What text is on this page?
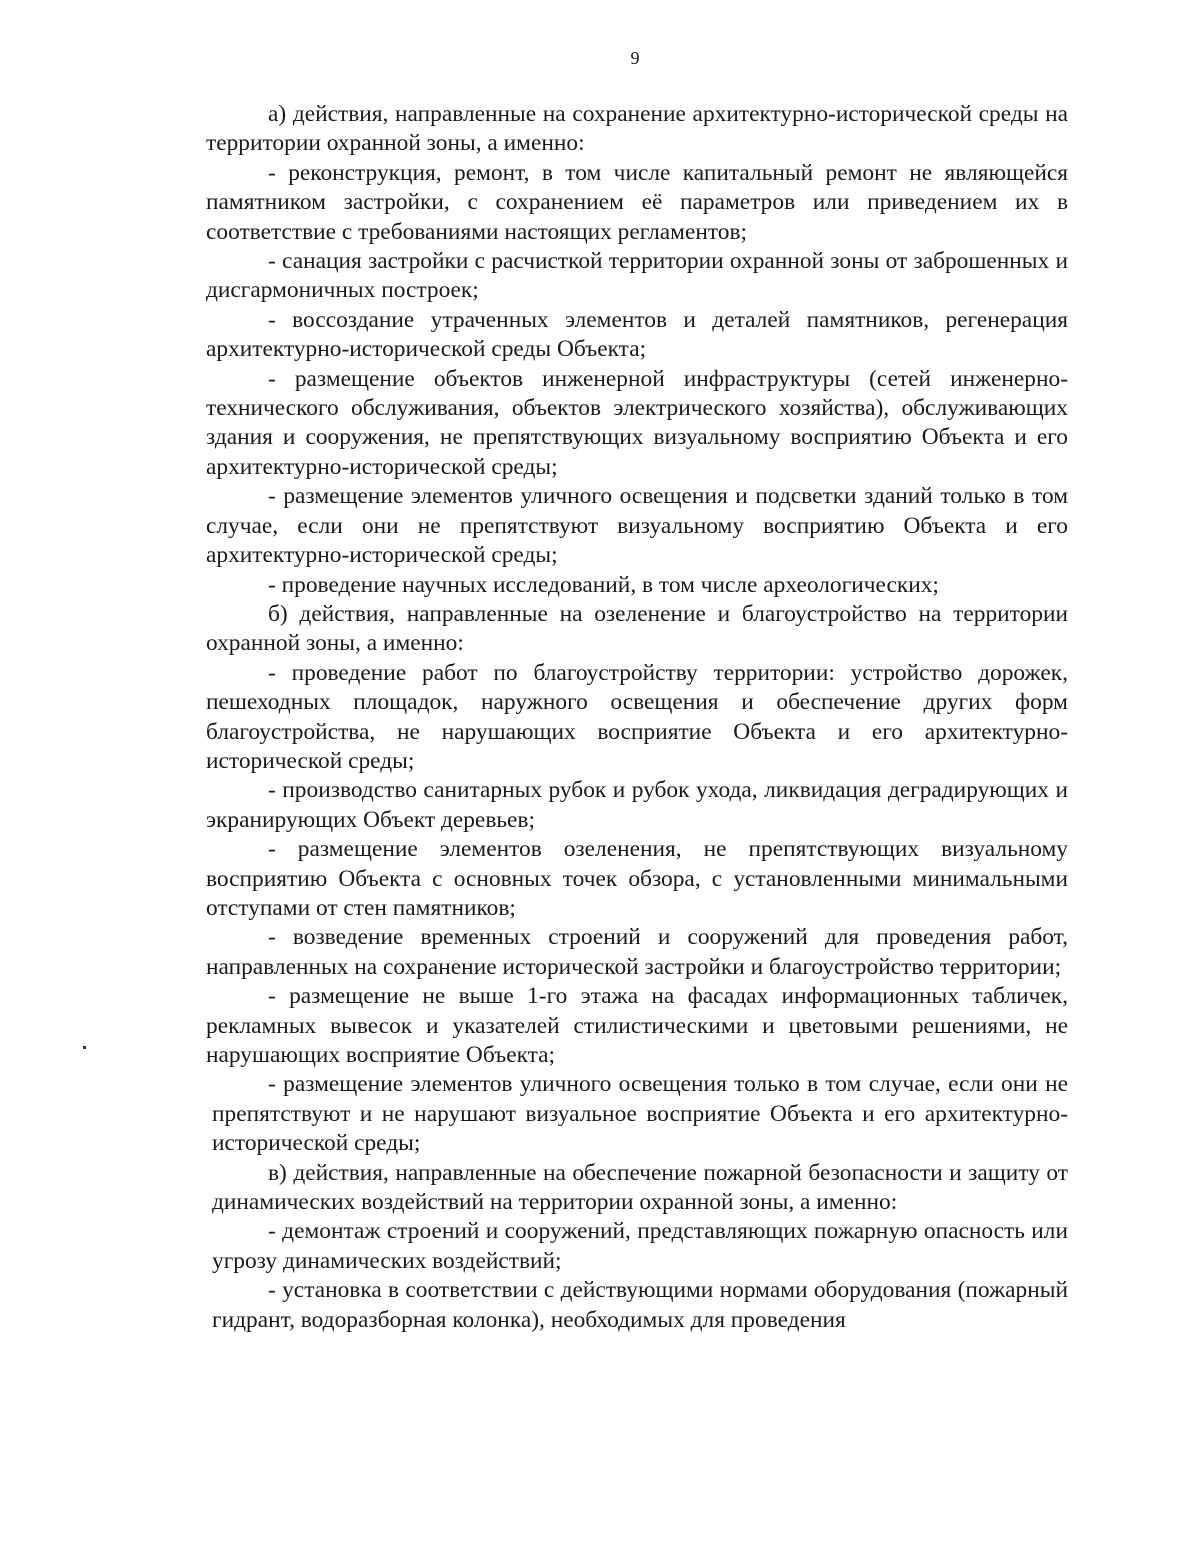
9

а) действия, направленные на сохранение архитектурно-исторической среды на территории охранной зоны, а именно:

- реконструкция, ремонт, в том числе капитальный ремонт не являющейся памятником застройки, с сохранением её параметров или приведением их в соответствие с требованиями настоящих регламентов;

- санация застройки с расчисткой территории охранной зоны от заброшенных и дисгармоничных построек;

- воссоздание утраченных элементов и деталей памятников, регенерация архитектурно-исторической среды Объекта;

- размещение объектов инженерной инфраструктуры (сетей инженерно-технического обслуживания, объектов электрического хозяйства), обслуживающих здания и сооружения, не препятствующих визуальному восприятию Объекта и его архитектурно-исторической среды;

- размещение элементов уличного освещения и подсветки зданий только в том случае, если они не препятствуют визуальному восприятию Объекта и его архитектурно-исторической среды;

- проведение научных исследований, в том числе археологических;

б) действия, направленные на озеленение и благоустройство на территории охранной зоны, а именно:

- проведение работ по благоустройству территории: устройство дорожек, пешеходных площадок, наружного освещения и обеспечение других форм благоустройства, не нарушающих восприятие Объекта и его архитектурно-исторической среды;

- производство санитарных рубок и рубок ухода, ликвидация деградирующих и экранирующих Объект деревьев;

- размещение элементов озеленения, не препятствующих визуальному восприятию Объекта с основных точек обзора, с установленными минимальными отступами от стен памятников;

- возведение временных строений и сооружений для проведения работ, направленных на сохранение исторической застройки и благоустройство территории;

- размещение не выше 1-го этажа на фасадах информационных табличек, рекламных вывесок и указателей стилистическими и цветовыми решениями, не нарушающих восприятие Объекта;

- размещение элементов уличного освещения только в том случае, если они не препятствуют и не нарушают визуальное восприятие Объекта и его архитектурно-исторической среды;

в) действия, направленные на обеспечение пожарной безопасности и защиту от динамических воздействий на территории охранной зоны, а именно:

- демонтаж строений и сооружений, представляющих пожарную опасность или угрозу динамических воздействий;

- установка в соответствии с действующими нормами оборудования (пожарный гидрант, водоразборная колонка), необходимых для проведения
